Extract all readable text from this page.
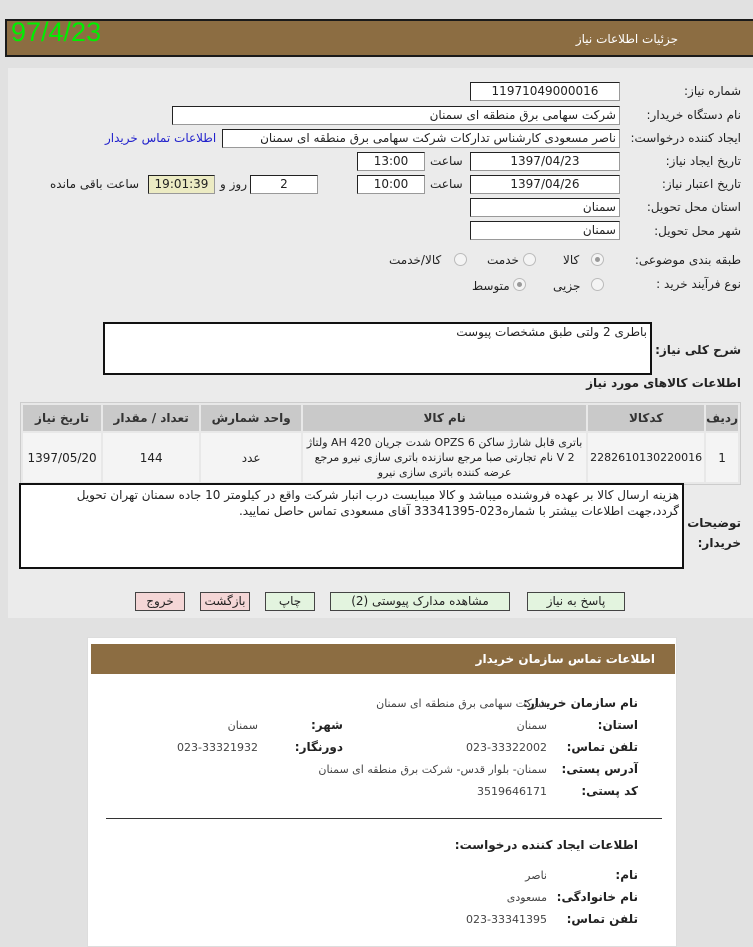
97/4/23	جزئیات اطلاعات نیاز
شماره نیاز:
11971049000016
نام دستگاه خریدار:
شرکت سهامی برق منطقه ای سمنان
ایجاد کننده درخواست:
ناصر مسعودی کارشناس تدارکات شرکت سهامی برق منطقه ای سمنان
اطلاعات تماس خریدار
تاریخ ایجاد نیاز:
1397/04/23
ساعت
13:00
تاریخ اعتبار نیاز:
1397/04/26
ساعت
10:00
2
روز و
19:01:39
ساعت باقی مانده
استان محل تحویل:
سمنان
شهر محل تحویل:
سمنان
طبقه بندی موضوعی:
کالا
خدمت
کالا/خدمت
نوع فرآیند خرید :
جزیی
متوسط
شرح کلی نیاز:
باطری 2 ولتی طبق مشخصات پیوست
اطلاعات کالاهای مورد نیاز
ردیف	کدکالا	نام کالا	واحد شمارش	تعداد / مقدار	تاریخ نیاز
1	2282610130220016	باتری قابل شارژ ساکن OPZS 6 شدت جریان 420 AH ولتاژ 2 V نام تجارتی صبا مرجع سازنده باتری سازی نیرو مرجع عرضه کننده باتری سازی نیرو	عدد	144	1397/05/20
توضیحات خریدار:
هزینه ارسال کالا بر عهده فروشنده میباشد و کالا میبایست درب انبار شرکت واقع در کیلومتر 10 جاده سمنان تهران تحویل گردد،جهت اطلاعات بیشتر با شماره023-33341395 آقای مسعودی تماس حاصل نمایید.
پاسخ به نیاز
مشاهده مدارک پیوستی (2)
چاپ
بازگشت
خروج
اطلاعات تماس سازمان خریدار
نام سازمان خریدار:
شرکت سهامی برق منطقه ای سمنان
استان:
سمنان
شهر:
سمنان
تلفن تماس:
023-33322002
دورنگار:
023-33321932
آدرس پستی:
سمنان- بلوار قدس- شرکت برق منطقه ای سمنان
کد پستی:
3519646171
اطلاعات ایجاد کننده درخواست:
نام:
ناصر
نام خانوادگی:
مسعودی
تلفن تماس:
023-33341395
